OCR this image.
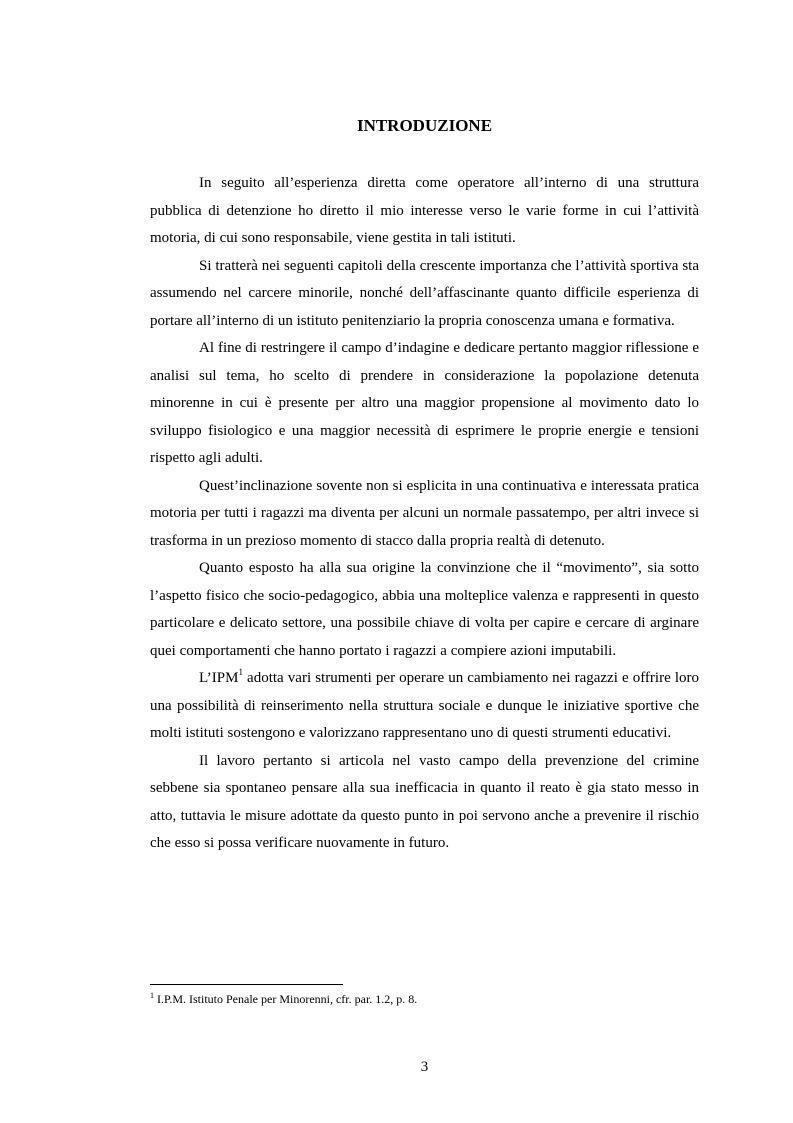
INTRODUZIONE

In seguito all’esperienza diretta come operatore all’interno di una struttura pubblica di detenzione ho diretto il mio interesse verso le varie forme in cui l’attività motoria, di cui sono responsabile, viene gestita in tali istituti.

Si tratterà nei seguenti capitoli della crescente importanza che l’attività sportiva sta assumendo nel carcere minorile, nonché dell’affascinante quanto difficile esperienza di portare all’interno di un istituto penitenziario la propria conoscenza umana e formativa.

Al fine di restringere il campo d’indagine e dedicare pertanto maggior riflessione e analisi sul tema, ho scelto di prendere in considerazione la popolazione detenuta minorenne in cui è presente per altro una maggior propensione al movimento dato lo sviluppo fisiologico e una maggior necessità di esprimere le proprie energie e tensioni rispetto agli adulti.

Quest’inclinazione sovente non si esplicita in una continuativa e interessata pratica motoria per tutti i ragazzi ma diventa per alcuni un normale passatempo, per altri invece si trasforma in un prezioso momento di stacco dalla propria realtà di detenuto.

Quanto esposto ha alla sua origine la convinzione che il “movimento”, sia sotto l’aspetto fisico che socio-pedagogico, abbia una molteplice valenza e rappresenti in questo particolare e delicato settore, una possibile chiave di volta per capire e cercare di arginare quei comportamenti che hanno portato i ragazzi a compiere azioni imputabili.

L’IPM$^1$ adotta vari strumenti per operare un cambiamento nei ragazzi e offrire loro una possibilità di reinserimento nella struttura sociale e dunque le iniziative sportive che molti istituti sostengono e valorizzano rappresentano uno di questi strumenti educativi.

Il lavoro pertanto si articola nel vasto campo della prevenzione del crimine sebbene sia spontaneo pensare alla sua inefficacia in quanto il reato è gia stato messo in atto, tuttavia le misure adottate da questo punto in poi servono anche a prevenire il rischio che esso si possa verificare nuovamente in futuro.

$^1$ I.P.M. Istituto Penale per Minorenni, cfr. par. 1.2, p. 8.

3
